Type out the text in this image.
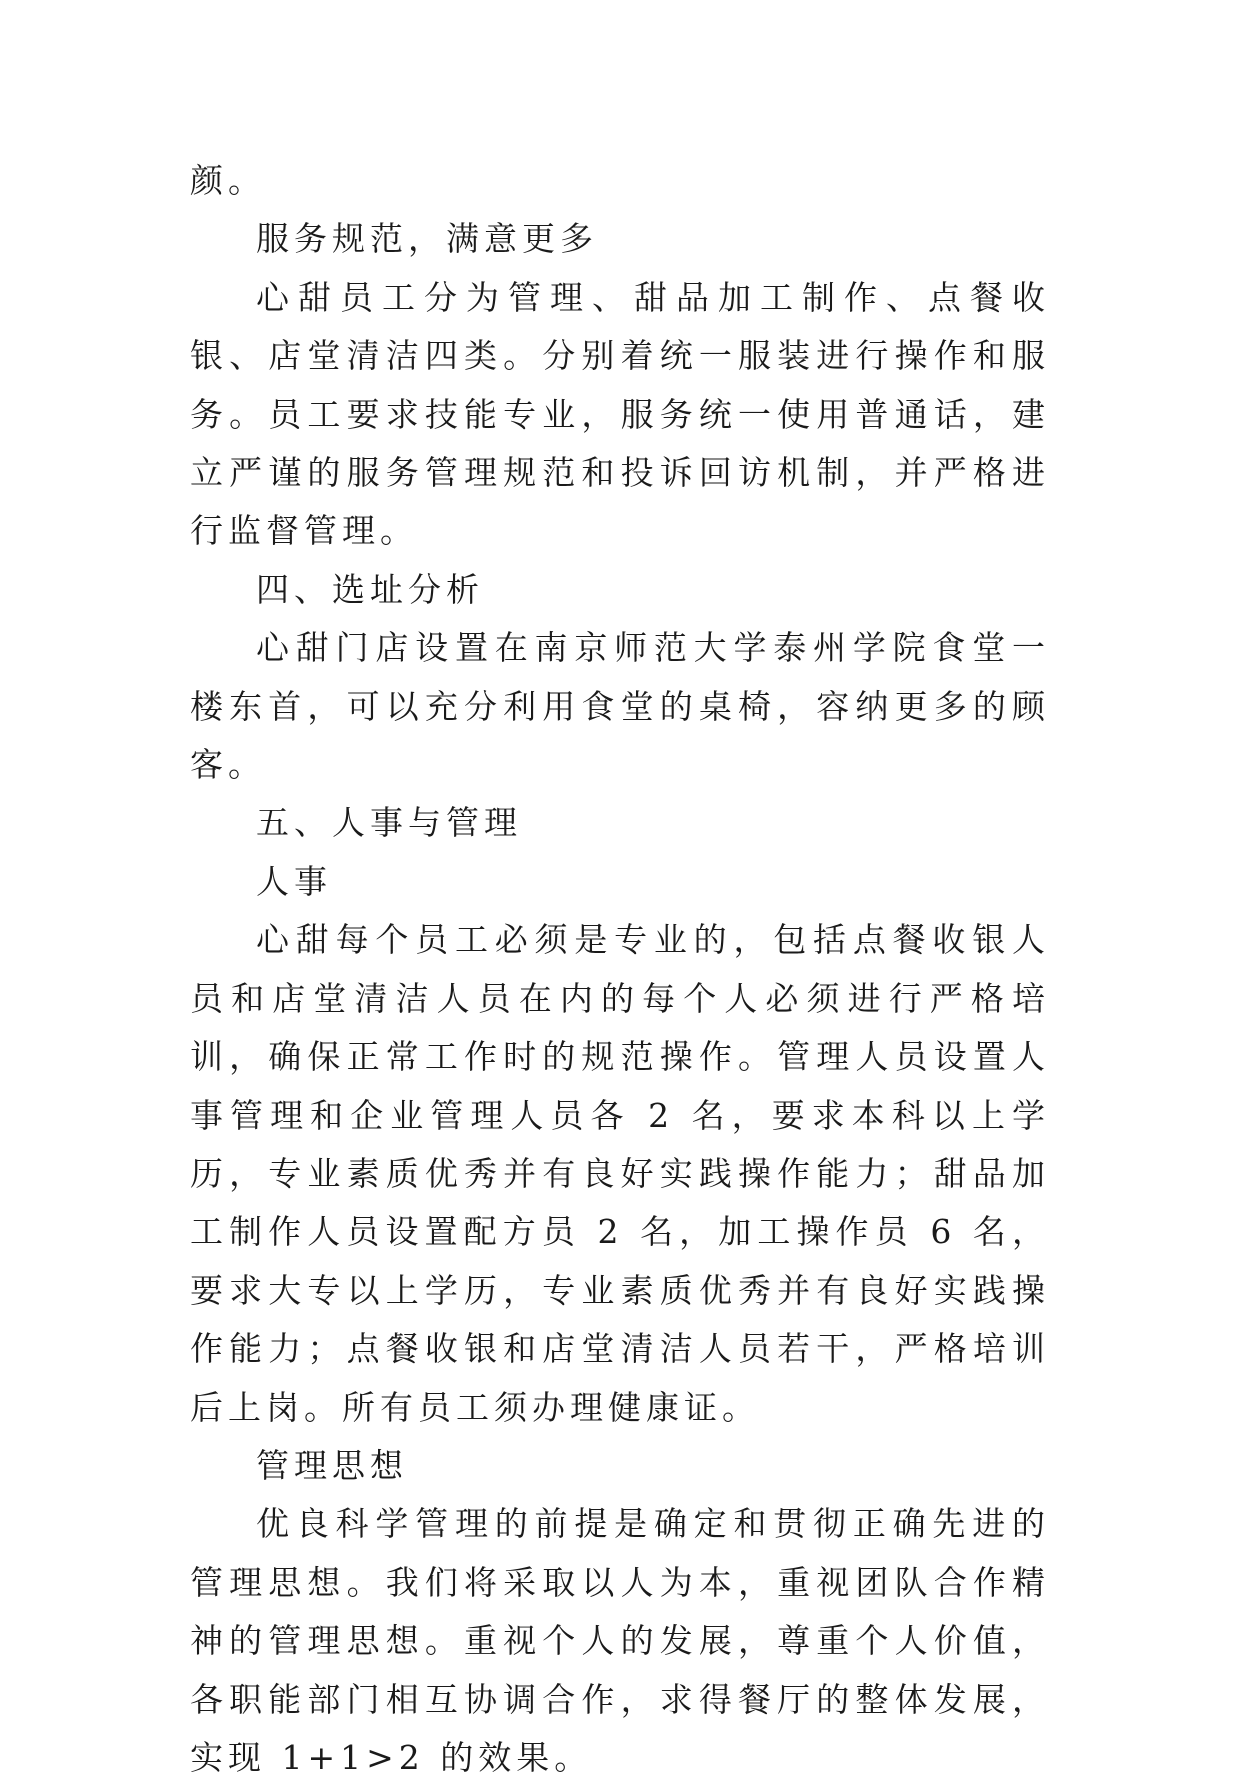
颜。

服务规范，满意更多

心甜员工分为管理、甜品加工制作、点餐收银、店堂清洁四类。分别着统一服装进行操作和服务。员工要求技能专业，服务统一使用普通话，建立严谨的服务管理规范和投诉回访机制，并严格进行监督管理。

四、选址分析

心甜门店设置在南京师范大学泰州学院食堂一楼东首，可以充分利用食堂的桌椅，容纳更多的顾客。

五、人事与管理

人事

心甜每个员工必须是专业的，包括点餐收银人员和店堂清洁人员在内的每个人必须进行严格培训，确保正常工作时的规范操作。管理人员设置人事管理和企业管理人员各 2 名，要求本科以上学历，专业素质优秀并有良好实践操作能力；甜品加工制作人员设置配方员 2 名，加工操作员 6 名，要求大专以上学历，专业素质优秀并有良好实践操作能力；点餐收银和店堂清洁人员若干，严格培训后上岗。所有员工须办理健康证。

管理思想

优良科学管理的前提是确定和贯彻正确先进的管理思想。我们将采取以人为本，重视团队合作精神的管理思想。重视个人的发展，尊重个人价值，各职能部门相互协调合作，求得餐厅的整体发展，实现 1+1>2 的效果。
